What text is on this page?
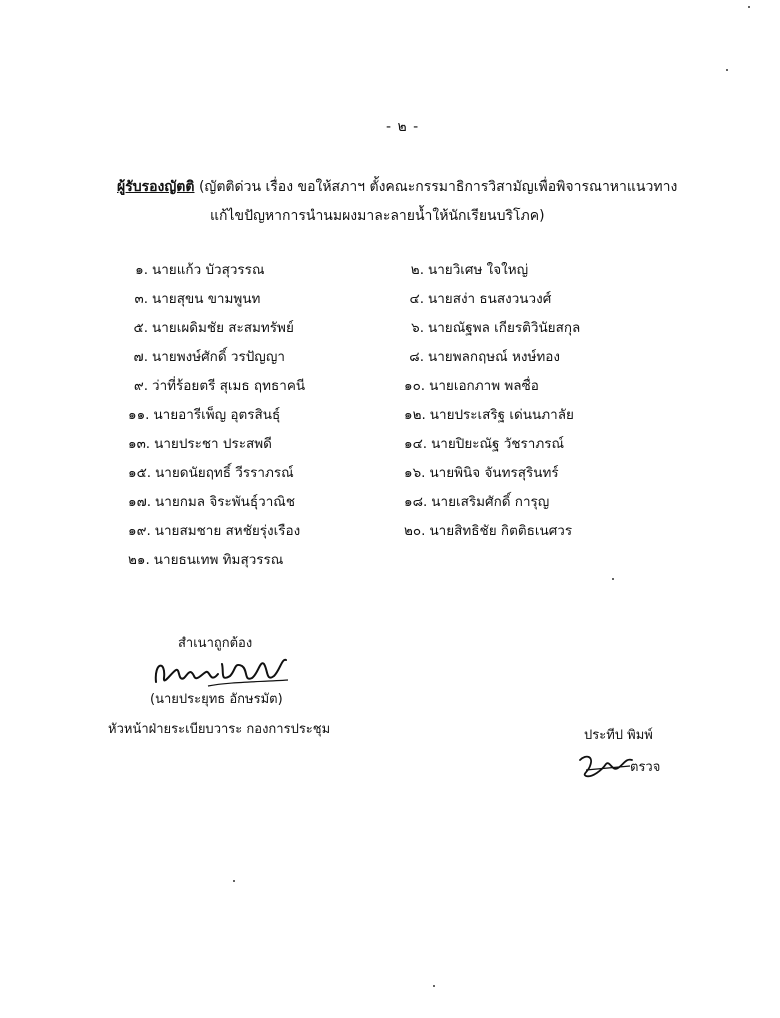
- ๒ -
ผู้รับรองญัตติ (ญัตติด่วน เรื่อง ขอให้สภาฯ ตั้งคณะกรรมาธิการวิสามัญเพื่อพิจารณาหาแนวทาง
แก้ไขปัญหาการนำนมผงมาละลายน้ำให้นักเรียนบริโภค)
๑. นายแก้ว บัวสุวรรณ
๓. นายสุขน ขามพูนท
๕. นายเผดิมชัย สะสมทรัพย์
๗. นายพงษ์ศักดิ์ วรปัญญา
๙. ว่าที่ร้อยตรี สุเมธ ฤทธาคนี
๑๑. นายอารีเพ็ญ อุตรสินธุ์
๑๓. นายประชา ประสพดี
๑๕. นายดนัยฤทธิ์ วีรราภรณ์
๑๗. นายกมล จิระพันธุ์วาณิช
๑๙. นายสมชาย สหชัยรุ่งเรือง
๒๑. นายธนเทพ ทิมสุวรรณ
๒. นายวิเศษ ใจใหญ่
๔. นายสง่า ธนสงวนวงศ์
๖. นายณัฐพล เกียรติวินัยสกุล
๘. นายพลกฤษณ์ หงษ์ทอง
๑๐. นายเอกภาพ พลซื่อ
๑๒. นายประเสริฐ เด่นนภาลัย
๑๔. นายปิยะณัฐ วัชราภรณ์
๑๖. นายพินิจ จันทรสุรินทร์
๑๘. นายเสริมศักดิ์ การุญ
๒๐. นายสิทธิชัย กิตติธเนศวร
สำเนาถูกต้อง
(นายประยุทธ อักษรมัต)
หัวหน้าฝ่ายระเบียบวาระ กองการประชุม	ประทีป พิมพ์
ตรวจ
